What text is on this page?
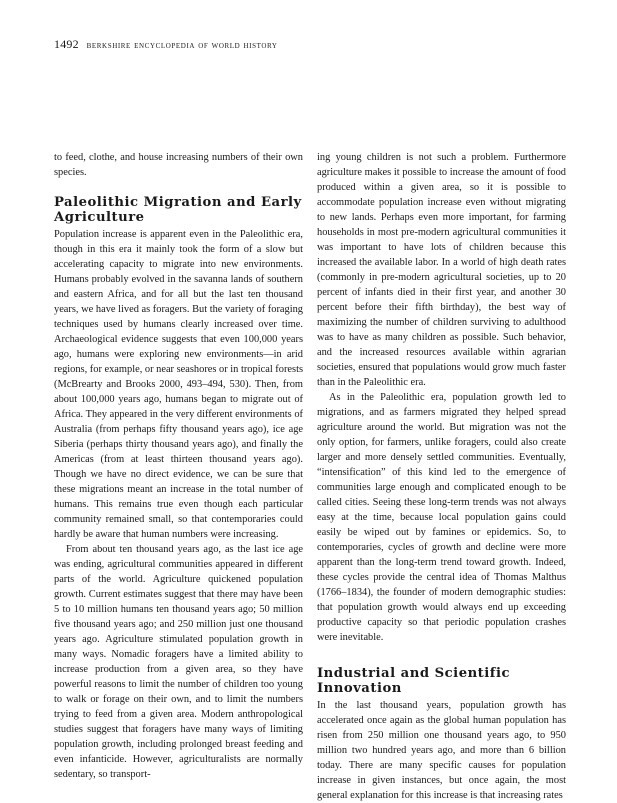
1492 berkshire encyclopedia of world history

to feed, clothe, and house increasing numbers of their own species.

Paleolithic Migration and Early Agriculture

Population increase is apparent even in the Paleolithic era, though in this era it mainly took the form of a slow but accelerating capacity to migrate into new environments. Humans probably evolved in the savanna lands of southern and eastern Africa, and for all but the last ten thousand years, we have lived as foragers. But the variety of foraging techniques used by humans clearly increased over time. Archaeological evidence suggests that even 100,000 years ago, humans were exploring new environments—in arid regions, for example, or near seashores or in tropical forests (McBrearty and Brooks 2000, 493–494, 530). Then, from about 100,000 years ago, humans began to migrate out of Africa. They appeared in the very different environments of Australia (from perhaps fifty thousand years ago), ice age Siberia (perhaps thirty thousand years ago), and finally the Americas (from at least thirteen thousand years ago). Though we have no direct evidence, we can be sure that these migrations meant an increase in the total number of humans. This remains true even though each particular community remained small, so that contemporaries could hardly be aware that human numbers were increasing.

From about ten thousand years ago, as the last ice age was ending, agricultural communities appeared in different parts of the world. Agriculture quickened population growth. Current estimates suggest that there may have been 5 to 10 million humans ten thousand years ago; 50 million five thousand years ago; and 250 million just one thousand years ago. Agriculture stimulated population growth in many ways. Nomadic foragers have a limited ability to increase production from a given area, so they have powerful reasons to limit the number of children too young to walk or forage on their own, and to limit the numbers trying to feed from a given area. Modern anthropological studies suggest that foragers have many ways of limiting population growth, including prolonged breast feeding and even infanticide. However, agriculturalists are normally sedentary, so transport-

ing young children is not such a problem. Furthermore agriculture makes it possible to increase the amount of food produced within a given area, so it is possible to accommodate population increase even without migrating to new lands. Perhaps even more important, for farming households in most pre-modern agricultural communities it was important to have lots of children because this increased the available labor. In a world of high death rates (commonly in pre-modern agricultural societies, up to 20 percent of infants died in their first year, and another 30 percent before their fifth birthday), the best way of maximizing the number of children surviving to adulthood was to have as many children as possible. Such behavior, and the increased resources available within agrarian societies, ensured that populations would grow much faster than in the Paleolithic era.

As in the Paleolithic era, population growth led to migrations, and as farmers migrated they helped spread agriculture around the world. But migration was not the only option, for farmers, unlike foragers, could also create larger and more densely settled communities. Eventually, “intensification” of this kind led to the emergence of communities large enough and complicated enough to be called cities. Seeing these long-term trends was not always easy at the time, because local population gains could easily be wiped out by famines or epidemics. So, to contemporaries, cycles of growth and decline were more apparent than the long-term trend toward growth. Indeed, these cycles provide the central idea of Thomas Malthus (1766–1834), the founder of modern demographic studies: that population growth would always end up exceeding productive capacity so that periodic population crashes were inevitable.

Industrial and Scientific Innovation

In the last thousand years, population growth has accelerated once again as the global human population has risen from 250 million one thousand years ago, to 950 million two hundred years ago, and more than 6 billion today. There are many specific causes for population increase in given instances, but once again, the most general explanation for this increase is that increasing rates
